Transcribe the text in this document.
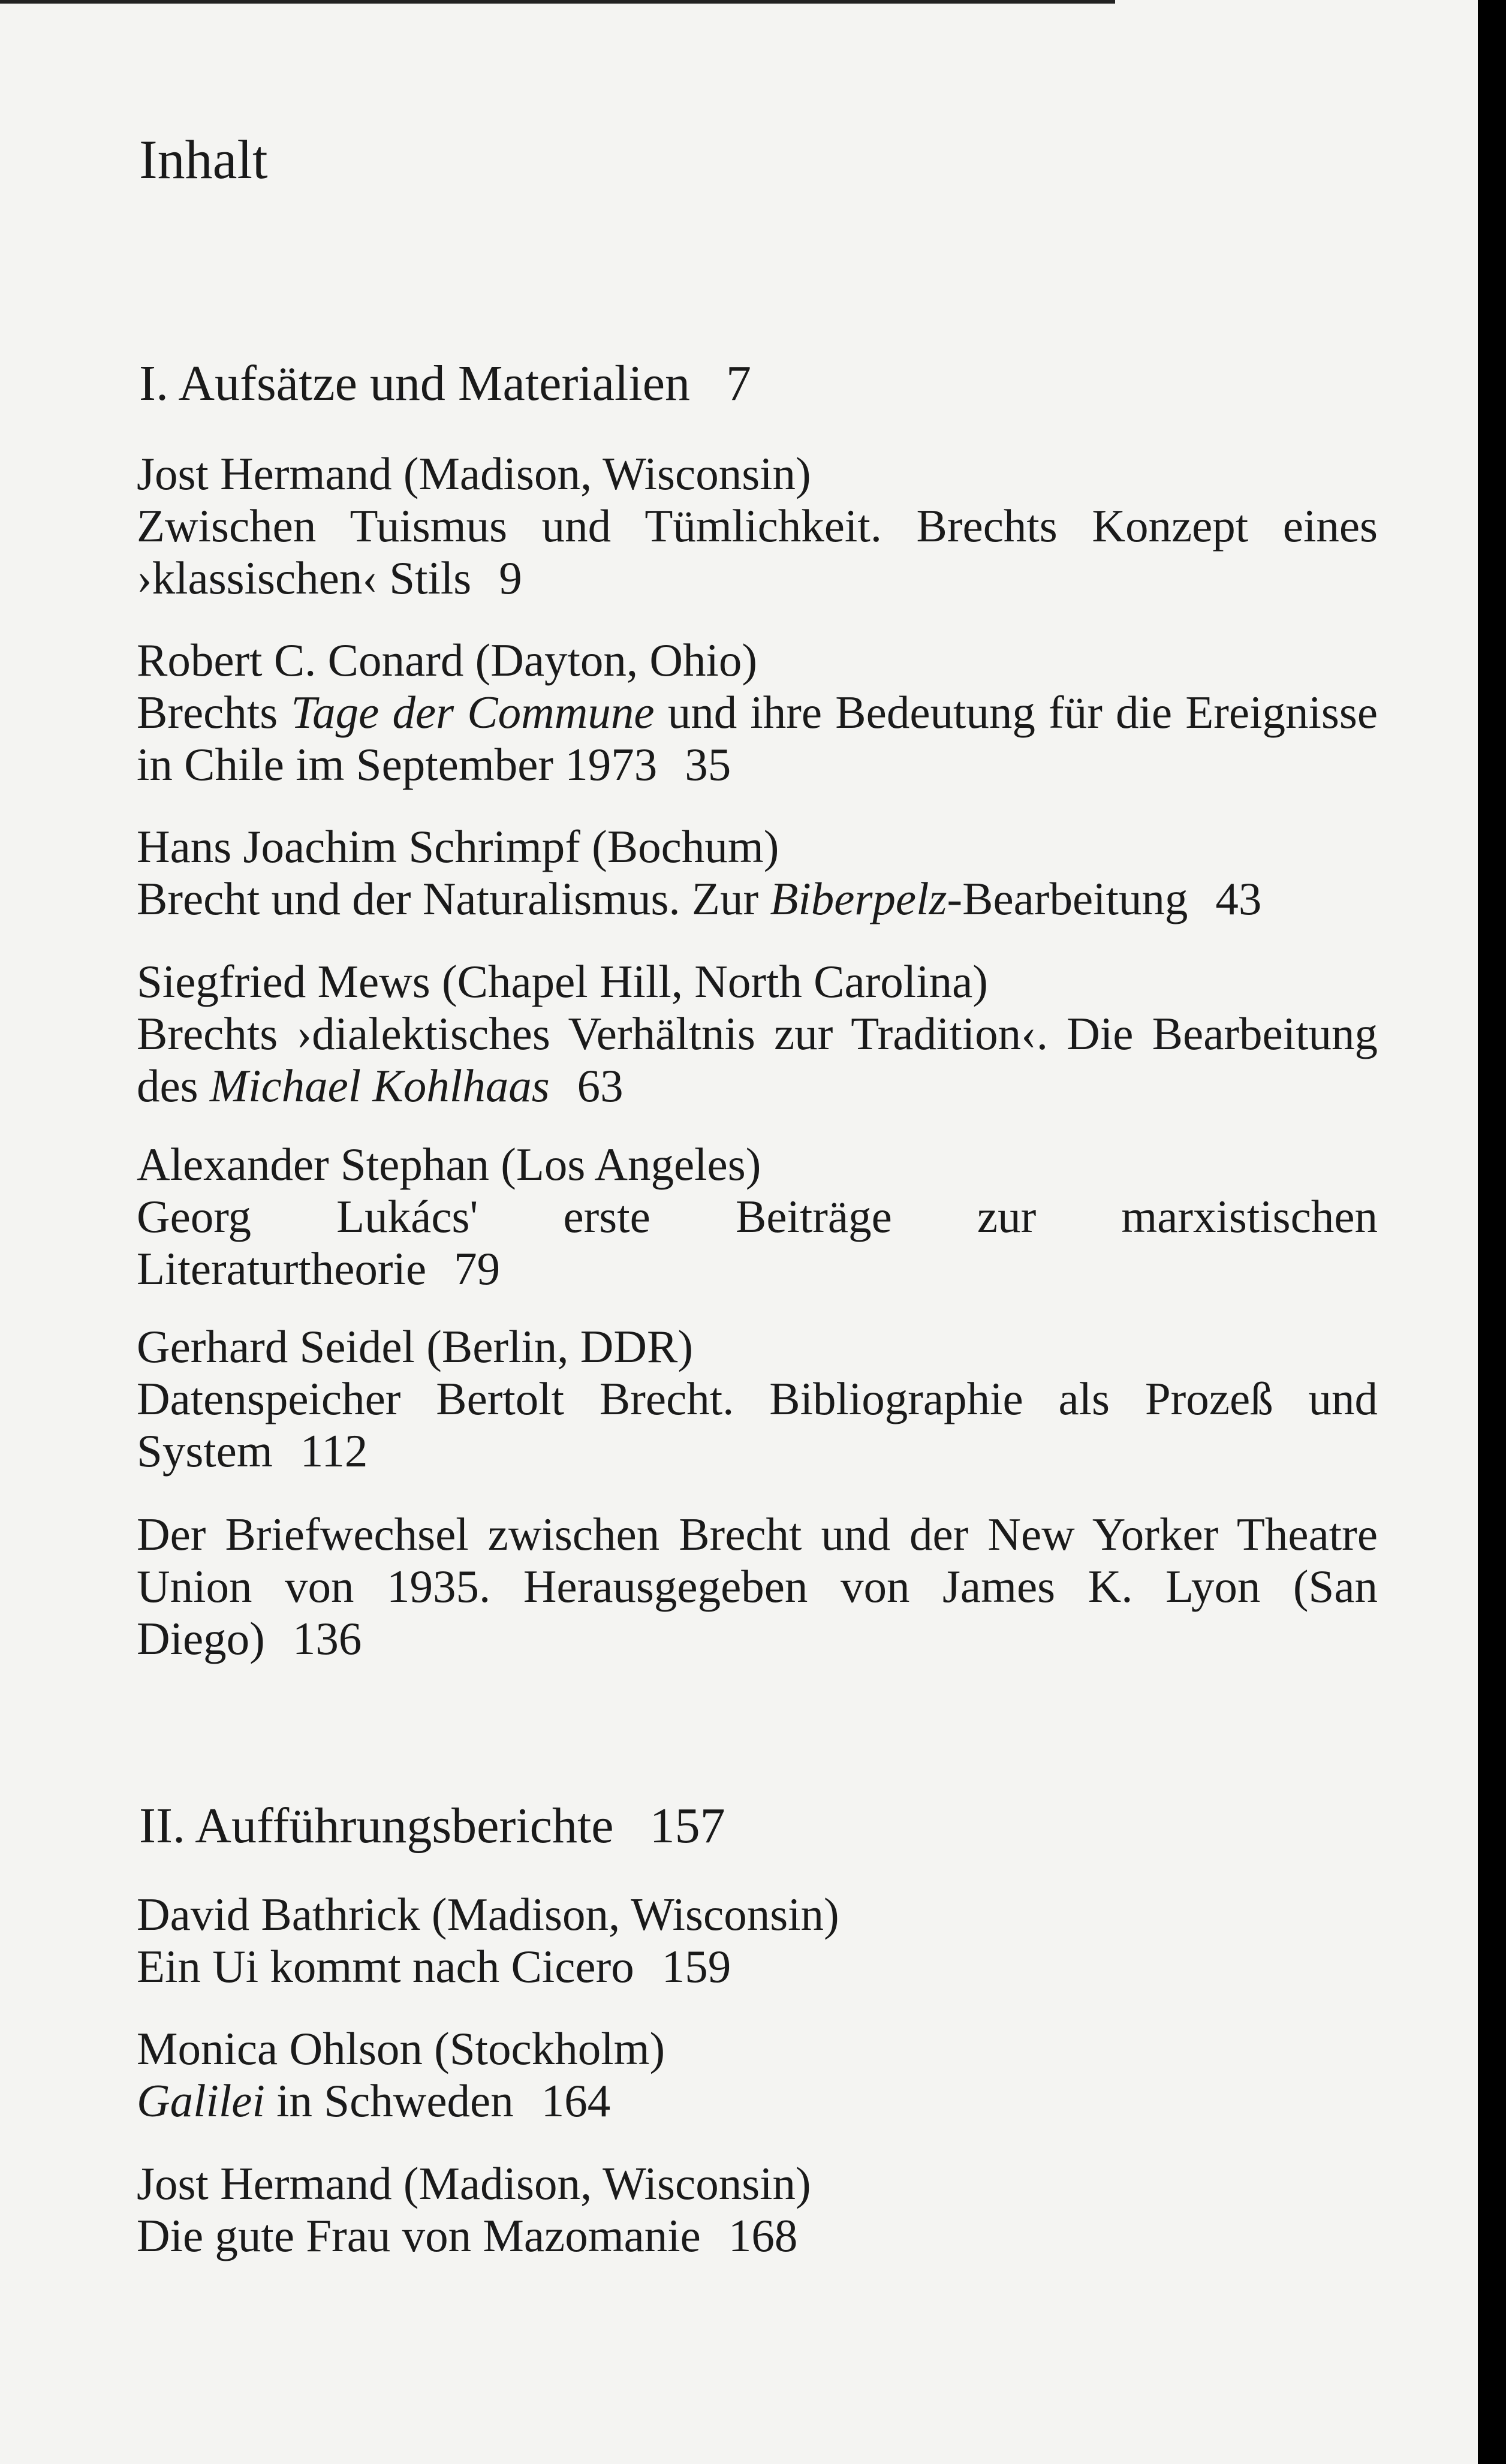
Inhalt
I. Aufsätze und Materialien 7
Jost Hermand (Madison, Wisconsin)
Zwischen Tuismus und Tümlichkeit. Brechts Konzept eines ›klassischen‹ Stils 9
Robert C. Conard (Dayton, Ohio)
Brechts Tage der Commune und ihre Bedeutung für die Ereignisse in Chile im September 1973 35
Hans Joachim Schrimpf (Bochum)
Brecht und der Naturalismus. Zur Biberpelz-Bearbeitung 43
Siegfried Mews (Chapel Hill, North Carolina)
Brechts ›dialektisches Verhältnis zur Tradition‹. Die Bearbeitung des Michael Kohlhaas 63
Alexander Stephan (Los Angeles)
Georg Lukács' erste Beiträge zur marxistischen Literaturtheorie 79
Gerhard Seidel (Berlin, DDR)
Datenspeicher Bertolt Brecht. Bibliographie als Prozeß und System 112
Der Briefwechsel zwischen Brecht und der New Yorker Theatre Union von 1935. Herausgegeben von James K. Lyon (San Diego) 136
II. Aufführungsberichte 157
David Bathrick (Madison, Wisconsin)
Ein Ui kommt nach Cicero 159
Monica Ohlson (Stockholm)
Galilei in Schweden 164
Jost Hermand (Madison, Wisconsin)
Die gute Frau von Mazomanie 168
